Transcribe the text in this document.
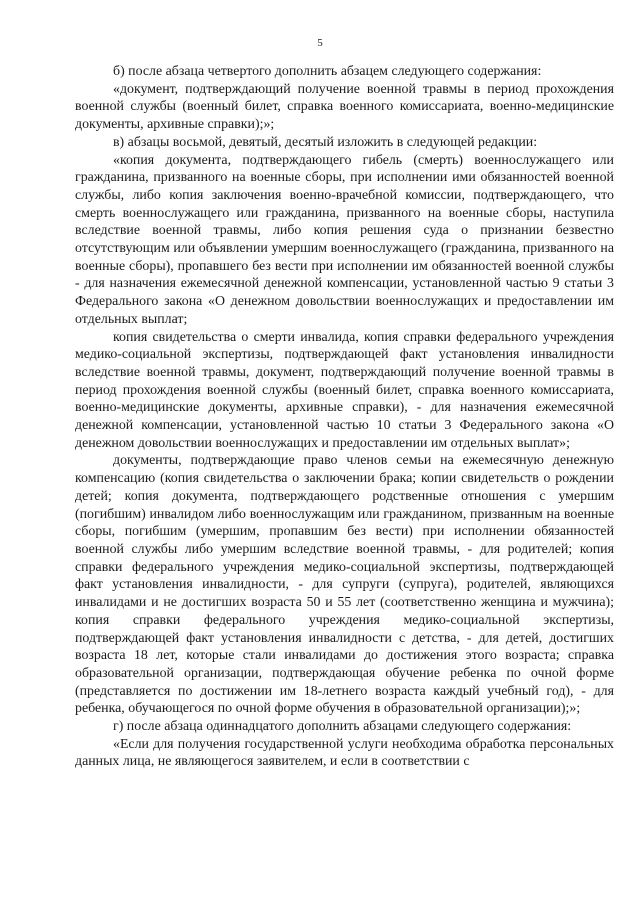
5

б) после абзаца четвертого дополнить абзацем следующего содержания:

«документ, подтверждающий получение военной травмы в период прохождения военной службы (военный билет, справка военного комиссариата, военно-медицинские документы, архивные справки);»;

в) абзацы восьмой, девятый, десятый изложить в следующей редакции:

«копия документа, подтверждающего гибель (смерть) военнослужащего или гражданина, призванного на военные сборы, при исполнении ими обязанностей военной службы, либо копия заключения военно-врачебной комиссии, подтверждающего, что смерть военнослужащего или гражданина, призванного на военные сборы, наступила вследствие военной травмы, либо копия решения суда о признании безвестно отсутствующим или объявлении умершим военнослужащего (гражданина, призванного на военные сборы), пропавшего без вести при исполнении им обязанностей военной службы - для назначения ежемесячной денежной компенсации, установленной частью 9 статьи 3 Федерального закона «О денежном довольствии военнослужащих и предоставлении им отдельных выплат;

копия свидетельства о смерти инвалида, копия справки федерального учреждения медико-социальной экспертизы, подтверждающей факт установления инвалидности вследствие военной травмы, документ, подтверждающий получение военной травмы в период прохождения военной службы (военный билет, справка военного комиссариата, военно-медицинские документы, архивные справки), - для назначения ежемесячной денежной компенсации, установленной частью 10 статьи 3 Федерального закона «О денежном довольствии военнослужащих и предоставлении им отдельных выплат»;

документы, подтверждающие право членов семьи на ежемесячную денежную компенсацию (копия свидетельства о заключении брака; копии свидетельств о рождении детей; копия документа, подтверждающего родственные отношения с умершим (погибшим) инвалидом либо военнослужащим или гражданином, призванным на военные сборы, погибшим (умершим, пропавшим без вести) при исполнении обязанностей военной службы либо умершим вследствие военной травмы, - для родителей; копия справки федерального учреждения медико-социальной экспертизы, подтверждающей факт установления инвалидности, - для супруги (супруга), родителей, являющихся инвалидами и не достигших возраста 50 и 55 лет (соответственно женщина и мужчина); копия справки федерального учреждения медико-социальной экспертизы, подтверждающей факт установления инвалидности с детства, - для детей, достигших возраста 18 лет, которые стали инвалидами до достижения этого возраста; справка образовательной организации, подтверждающая обучение ребенка по очной форме (представляется по достижении им 18-летнего возраста каждый учебный год), - для ребенка, обучающегося по очной форме обучения в образовательной организации);»;

г) после абзаца одиннадцатого дополнить абзацами следующего содержания:

«Если для получения государственной услуги необходима обработка персональных данных лица, не являющегося заявителем, и если в соответствии с
